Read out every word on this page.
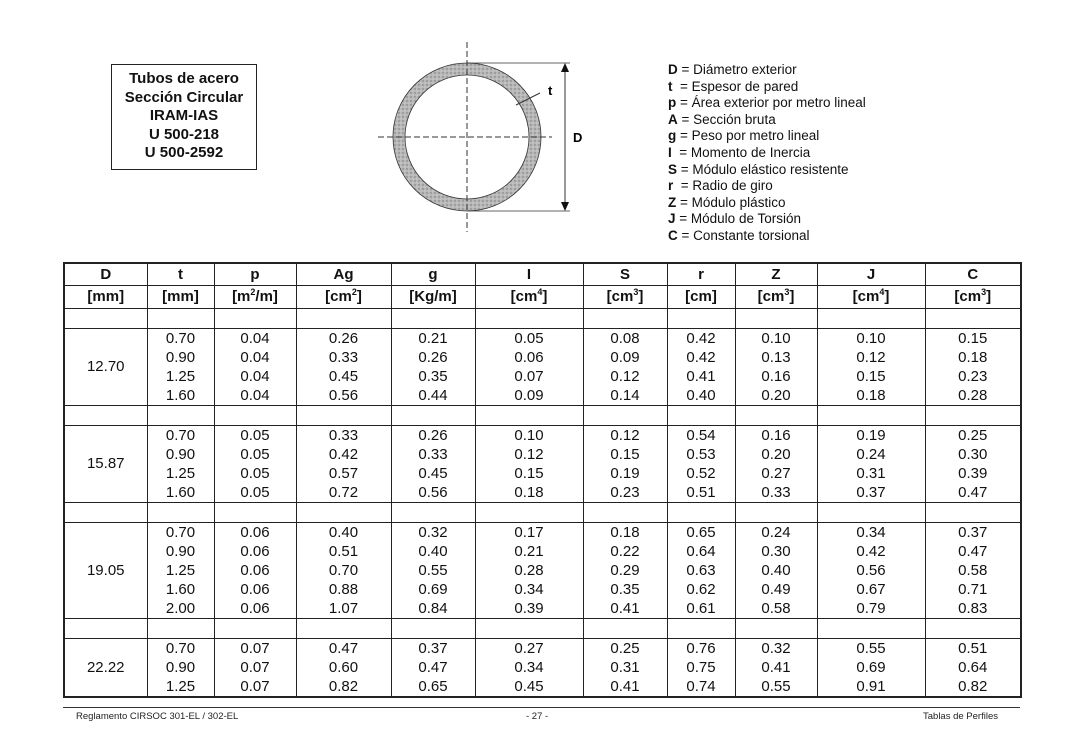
Tubos de acero
Sección Circular
IRAM-IAS
U 500-218
U 500-2592
D
t
D = Diámetro exterior
t  = Espesor de pared
p = Área exterior por metro lineal
A = Sección bruta
g = Peso por metro lineal
I  = Momento de Inercia
S = Módulo elástico resistente
r  = Radio de giro
Z = Módulo plástico
J = Módulo de Torsión
C = Constante torsional
D	t	p	Ag	g	I	S	r	Z	J	C
[mm]	[mm]	$[m^2/m]$	$[cm^2]$	[Kg/m]	$[cm^4]$	$[cm^3]$	[cm]	$[cm^3]$	$[cm^4]$	$[cm^3]$

12.70	0.70	0.04	0.26	0.21	0.05	0.08	0.42	0.10	0.10	0.15
	0.90	0.04	0.33	0.26	0.06	0.09	0.42	0.13	0.12	0.18
	1.25	0.04	0.45	0.35	0.07	0.12	0.41	0.16	0.15	0.23
	1.60	0.04	0.56	0.44	0.09	0.14	0.40	0.20	0.18	0.28

15.87	0.70	0.05	0.33	0.26	0.10	0.12	0.54	0.16	0.19	0.25
	0.90	0.05	0.42	0.33	0.12	0.15	0.53	0.20	0.24	0.30
	1.25	0.05	0.57	0.45	0.15	0.19	0.52	0.27	0.31	0.39
	1.60	0.05	0.72	0.56	0.18	0.23	0.51	0.33	0.37	0.47

19.05	0.70	0.06	0.40	0.32	0.17	0.18	0.65	0.24	0.34	0.37
	0.90	0.06	0.51	0.40	0.21	0.22	0.64	0.30	0.42	0.47
	1.25	0.06	0.70	0.55	0.28	0.29	0.63	0.40	0.56	0.58
	1.60	0.06	0.88	0.69	0.34	0.35	0.62	0.49	0.67	0.71
	2.00	0.06	1.07	0.84	0.39	0.41	0.61	0.58	0.79	0.83

22.22	0.70	0.07	0.47	0.37	0.27	0.25	0.76	0.32	0.55	0.51
	0.90	0.07	0.60	0.47	0.34	0.31	0.75	0.41	0.69	0.64
	1.25	0.07	0.82	0.65	0.45	0.41	0.74	0.55	0.91	0.82
Reglamento CIRSOC 301-EL / 302-EL	- 27 -	Tablas de Perfiles
